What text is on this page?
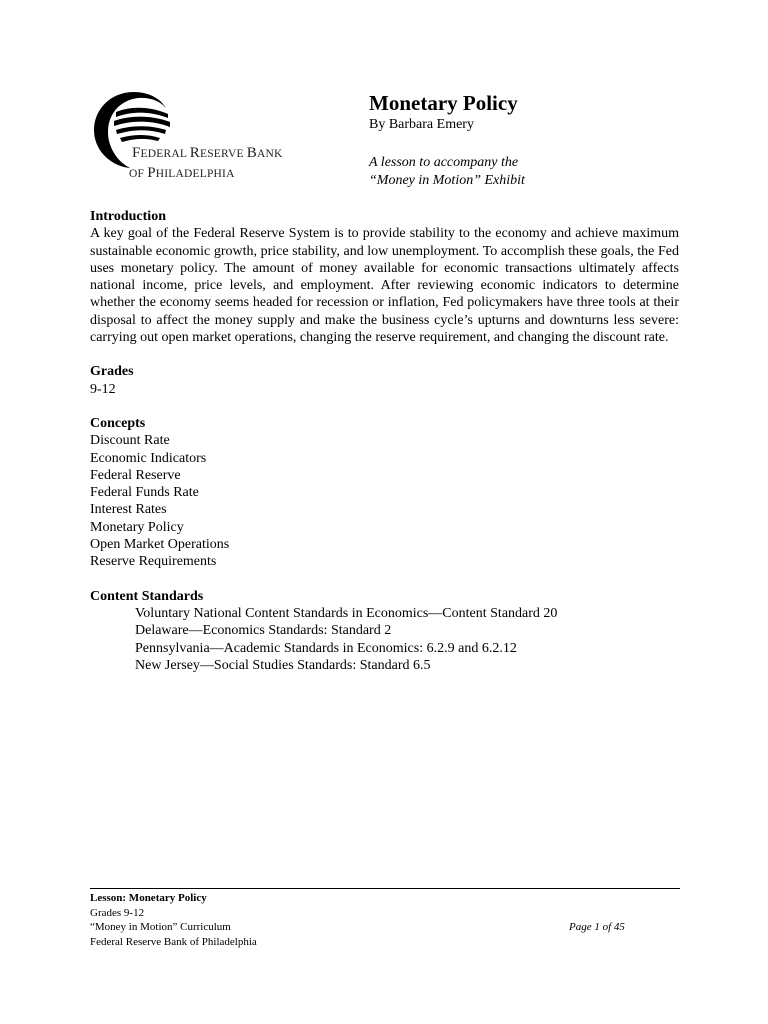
FEDERAL RESERVE BANK
OF PHILADELPHIA
Monetary Policy

By Barbara Emery

A lesson to accompany the
“Money in Motion” Exhibit

Introduction

A key goal of the Federal Reserve System is to provide stability to the economy and achieve maximum sustainable economic growth, price stability, and low unemployment. To accomplish these goals, the Fed uses monetary policy. The amount of money available for economic transactions ultimately affects national income, price levels, and employment. After reviewing economic indicators to determine whether the economy seems headed for recession or inflation, Fed policymakers have three tools at their disposal to affect the money supply and make the business cycle’s upturns and downturns less severe: carrying out open market operations, changing the reserve requirement, and changing the discount rate.

Grades

9-12

Concepts

Discount Rate
Economic Indicators
Federal Reserve
Federal Funds Rate
Interest Rates
Monetary Policy
Open Market Operations
Reserve Requirements

Content Standards

Voluntary National Content Standards in Economics—Content Standard 20
Delaware—Economics Standards: Standard 2
Pennsylvania—Academic Standards in Economics: 6.2.9 and 6.2.12
New Jersey—Social Studies Standards: Standard 6.5
Lesson: Monetary Policy
Grades 9-12
“Money in Motion” Curriculum
Federal Reserve Bank of Philadelphia
Page 1 of 45
